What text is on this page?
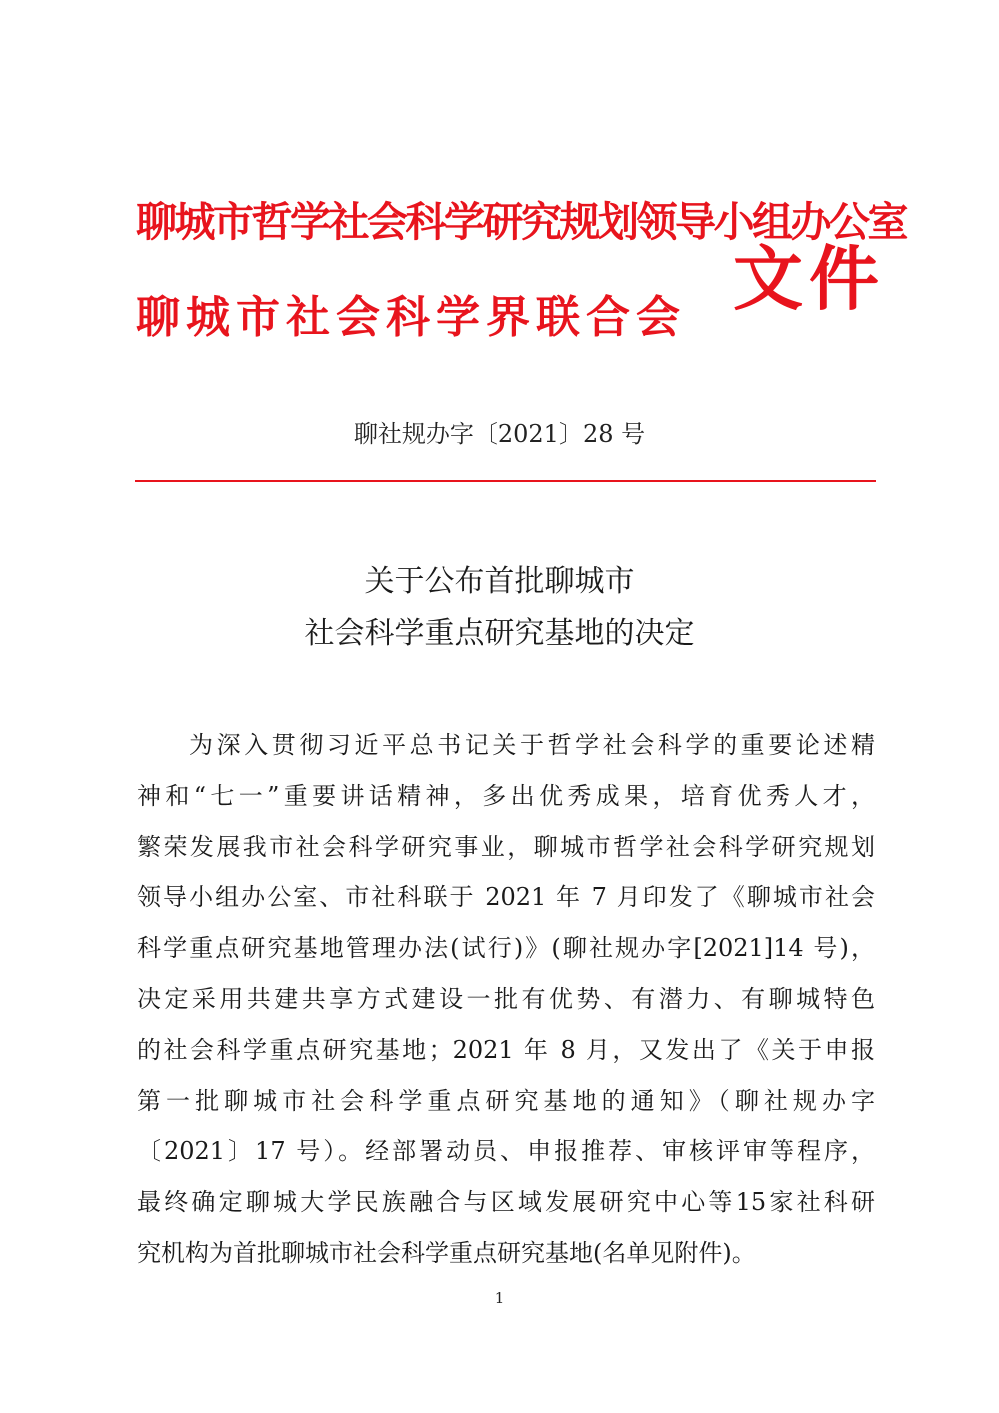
聊城市哲学社会科学研究规划领导小组办公室
聊城市社会科学界联合会 文件
聊社规办字〔2021〕28 号
关于公布首批聊城市
社会科学重点研究基地的决定
为深入贯彻习近平总书记关于哲学社会科学的重要论述精
神和“七一”重要讲话精神，多出优秀成果，培育优秀人才，
繁荣发展我市社会科学研究事业，聊城市哲学社会科学研究规划
领导小组办公室、市社科联于 2021 年 7 月印发了《聊城市社会
科学重点研究基地管理办法(试行)》(聊社规办字[2021]14 号)，
决定采用共建共享方式建设一批有优势、有潜力、有聊城特色
的社会科学重点研究基地；2021 年 8 月，又发出了《关于申报
第一批聊城市社会科学重点研究基地的通知》（聊社规办字
〔2021〕17 号）。经部署动员、申报推荐、审核评审等程序，
最终确定聊城大学民族融合与区域发展研究中心等15家社科研
究机构为首批聊城市社会科学重点研究基地(名单见附件)。
1
